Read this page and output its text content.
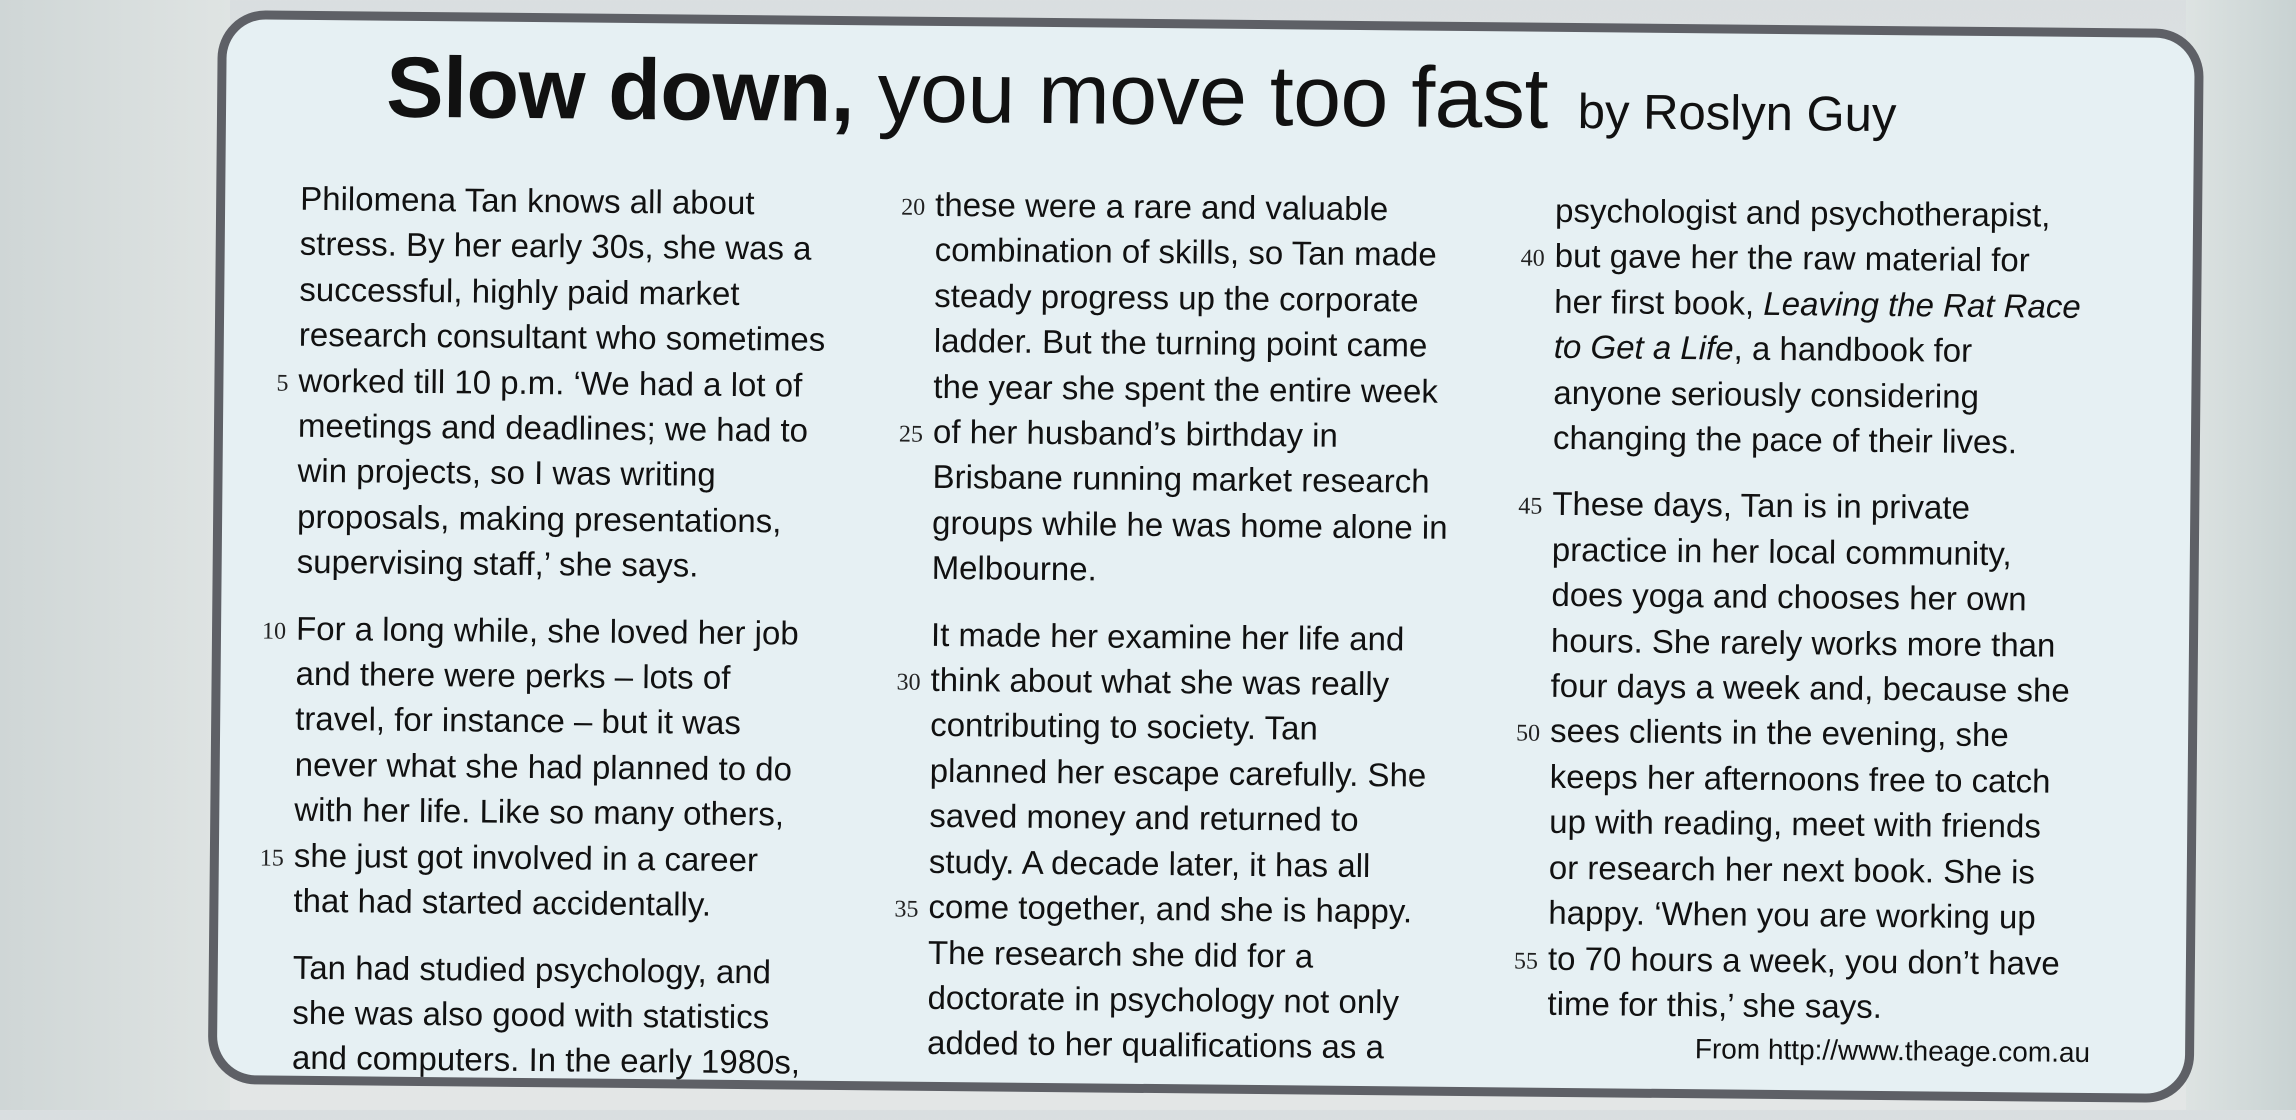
Slow down, you move too fast by Roslyn Guy

Philomena Tan knows all about
stress. By her early 30s, she was a
successful, highly paid market
research consultant who sometimes
5 worked till 10 p.m. ‘We had a lot of
meetings and deadlines; we had to
win projects, so I was writing
proposals, making presentations,
supervising staff,’ she says.

10 For a long while, she loved her job
and there were perks – lots of
travel, for instance – but it was
never what she had planned to do
with her life. Like so many others,
15 she just got involved in a career
that had started accidentally.

Tan had studied psychology, and
she was also good with statistics
and computers. In the early 1980s,

20 these were a rare and valuable
combination of skills, so Tan made
steady progress up the corporate
ladder. But the turning point came
the year she spent the entire week
25 of her husband’s birthday in
Brisbane running market research
groups while he was home alone in
Melbourne.

It made her examine her life and
30 think about what she was really
contributing to society. Tan
planned her escape carefully. She
saved money and returned to
study. A decade later, it has all
35 come together, and she is happy.
The research she did for a
doctorate in psychology not only
added to her qualifications as a

psychologist and psychotherapist,
40 but gave her the raw material for
her first book, Leaving the Rat Race
to Get a Life, a handbook for
anyone seriously considering
changing the pace of their lives.

45 These days, Tan is in private
practice in her local community,
does yoga and chooses her own
hours. She rarely works more than
four days a week and, because she
50 sees clients in the evening, she
keeps her afternoons free to catch
up with reading, meet with friends
or research her next book. She is
happy. ‘When you are working up
55 to 70 hours a week, you don’t have
time for this,’ she says.

From http://www.theage.com.au
